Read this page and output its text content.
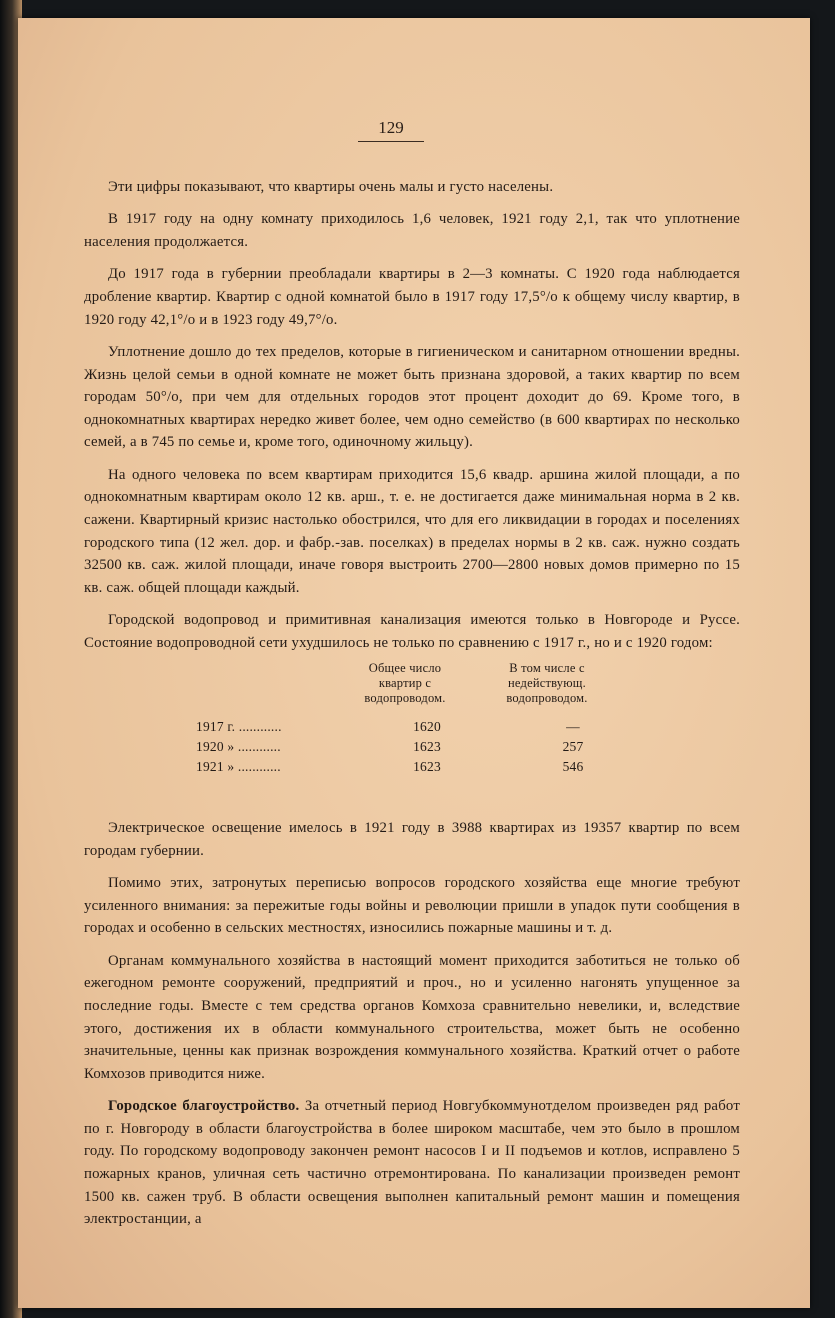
129

Эти цифры показывают, что квартиры очень малы и густо населены.

В 1917 году на одну комнату приходилось 1,6 человек, 1921 году 2,1, так что уплотнение населения продолжается.

До 1917 года в губернии преобладали квартиры в 2—3 комнаты. С 1920 года наблюдается дробление квартир. Квартир с одной комнатой было в 1917 году 17,5°/о к общему числу квартир, в 1920 году 42,1°/о и в 1923 году 49,7°/о.

Уплотнение дошло до тех пределов, которые в гигиеническом и санитарном отношении вредны. Жизнь целой семьи в одной комнате не может быть признана здоровой, а таких квартир по всем городам 50°/о, при чем для отдельных городов этот процент доходит до 69. Кроме того, в однокомнатных квартирах нередко живет более, чем одно семейство (в 600 квартирах по несколько семей, а в 745 по семье и, кроме того, одиночному жильцу).

На одного человека по всем квартирам приходится 15,6 квадр. аршина жилой площади, а по однокомнатным квартирам около 12 кв. арш., т. е. не достигается даже минимальная норма в 2 кв. сажени. Квартирный кризис настолько обострился, что для его ликвидации в городах и поселениях городского типа (12 жел. дор. и фабр.-зав. поселках) в пределах нормы в 2 кв. саж. нужно создать 32500 кв. саж. жилой площади, иначе говоря выстроить 2700—2800 новых домов примерно по 15 кв. саж. общей площади каждый.

Городской водопровод и примитивная канализация имеются только в Новгороде и Руссе. Состояние водопроводной сети ухудшилось не только по сравнению с 1917 г., но и с 1920 годом:

Общее число квартир с водопроводом.
В том числе с недействующ. водопроводом.
1917 г. ............	1620	—
1920 » ............	1623	257
1921 » ............	1623	546

Электрическое освещение имелось в 1921 году в 3988 квартирах из 19357 квартир по всем городам губернии.

Помимо этих, затронутых переписью вопросов городского хозяйства еще многие требуют усиленного внимания: за пережитые годы войны и революции пришли в упадок пути сообщения в городах и особенно в сельских местностях, износились пожарные машины и т. д.

Органам коммунального хозяйства в настоящий момент приходится заботиться не только об ежегодном ремонте сооружений, предприятий и проч., но и усиленно нагонять упущенное за последние годы. Вместе с тем средства органов Комхоза сравнительно невелики, и, вследствие этого, достижения их в области коммунального строительства, может быть не особенно значительные, ценны как признак возрождения коммунального хозяйства. Краткий отчет о работе Комхозов приводится ниже.

Городское благоустройство. За отчетный период Новгубкоммунотделом произведен ряд работ по г. Новгороду в области благоустройства в более широком масштабе, чем это было в прошлом году. По городскому водопроводу закончен ремонт насосов I и II подъемов и котлов, исправлено 5 пожарных кранов, уличная сеть частично отремонтирована. По канализации произведен ремонт 1500 кв. сажен труб. В области освещения выполнен капитальный ремонт машин и помещения электростанции, а
